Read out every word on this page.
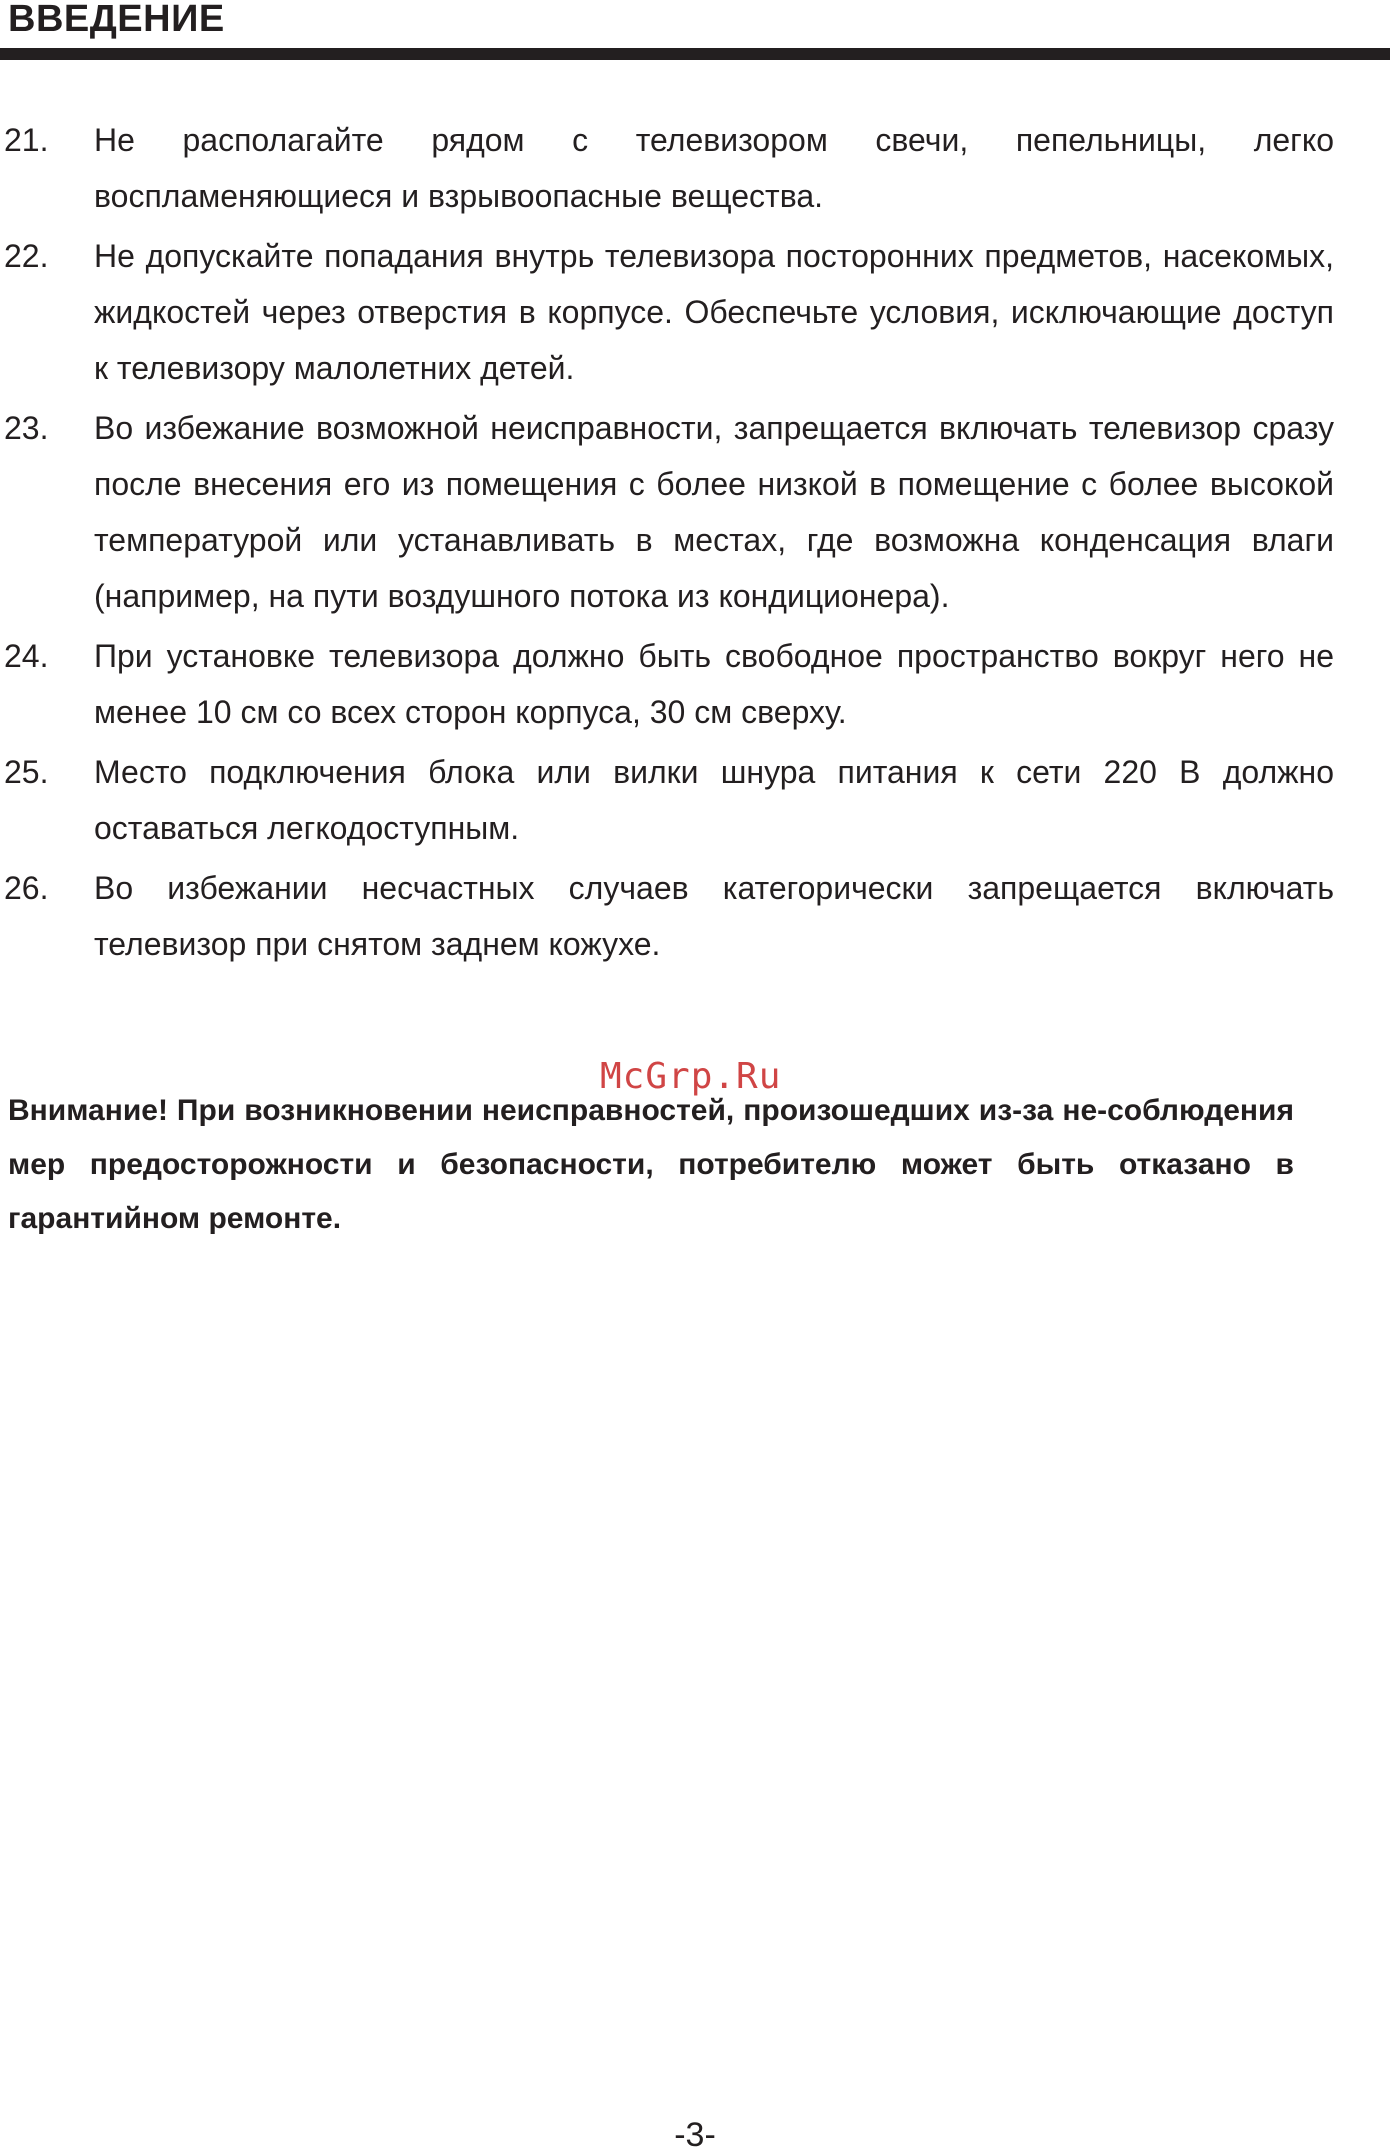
ВВЕДЕНИЕ
21. Не располагайте рядом с телевизором свечи, пепельницы, легко воспламеняющиеся и взрывоопасные вещества.
22. Не допускайте попадания внутрь телевизора посторонних предметов, насекомых, жидкостей через отверстия в корпусе. Обеспечьте условия, исключающие доступ к телевизору малолетних детей.
23. Во избежание возможной неисправности, запрещается включать телевизор сразу после внесения его из помещения с более низкой в помещение с более высокой температурой или устанавливать в местах, где возможна конденсация влаги (например, на пути воздушного потока из кондиционера).
24. При установке телевизора должно быть свободное пространство вокруг него не менее 10 см со всех сторон корпуса, 30 см сверху.
25. Место подключения блока или вилки шнура питания к сети 220 В должно оставаться легкодоступным.
26. Во избежании несчастных случаев категорически запрещается включать телевизор при снятом заднем кожухе.
McGrp.Ru
Внимание! При возникновении неисправностей, произошедших из-за не-соблюдения мер предосторожности и безопасности, потребителю может быть отказано в гарантийном ремонте.
-3-
